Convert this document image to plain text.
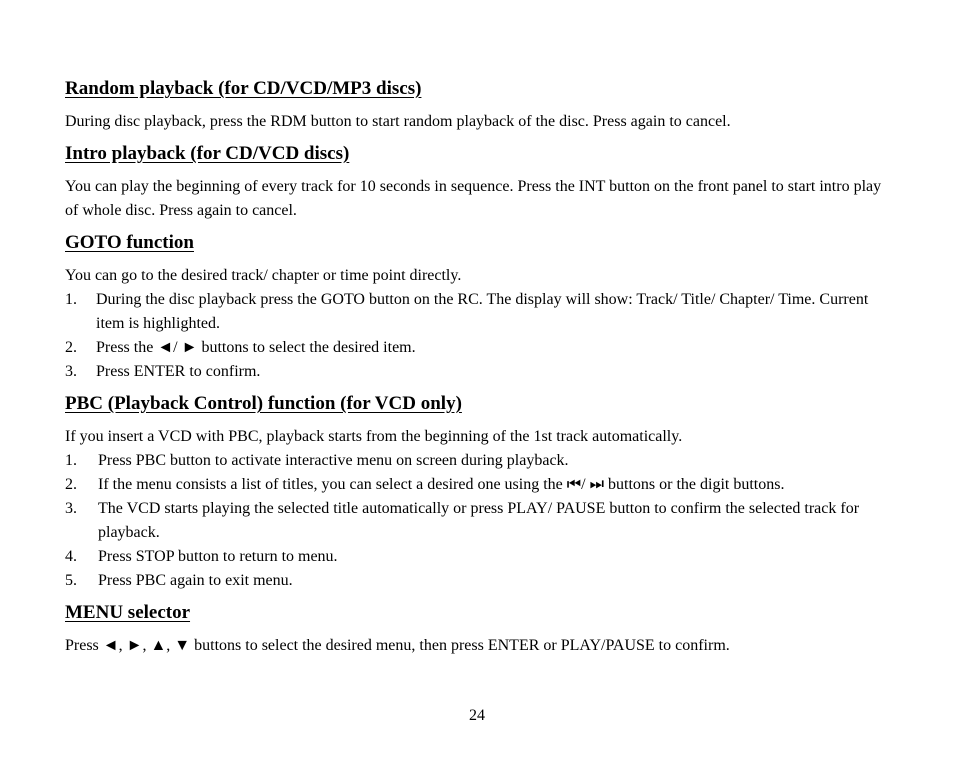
Random playback (for CD/VCD/MP3 discs)

During disc playback, press the RDM button to start random playback of the disc. Press again to cancel.

Intro playback (for CD/VCD discs)

You can play the beginning of every track for 10 seconds in sequence. Press the INT button on the front panel to start intro play of whole disc. Press again to cancel.

GOTO function

You can go to the desired track/ chapter or time point directly.

1. During the disc playback press the GOTO button on the RC. The display will show: Track/ Title/ Chapter/ Time. Current item is highlighted.
2. Press the ◄/ ► buttons to select the desired item.
3. Press ENTER to confirm.
PBC (Playback Control) function (for VCD only)

If you insert a VCD with PBC, playback starts from the beginning of the 1st track automatically.

1. Press PBC button to activate interactive menu on screen during playback.
2. If the menu consists a list of titles, you can select a desired one using the ⏮/ ⏭ buttons or the digit buttons.
3. The VCD starts playing the selected title automatically or press PLAY/ PAUSE button to confirm the selected track for playback.
4. Press STOP button to return to menu.
5. Press PBC again to exit menu.
MENU selector

Press ◄, ►, ▲, ▼ buttons to select the desired menu, then press ENTER or PLAY/PAUSE to confirm.

24
